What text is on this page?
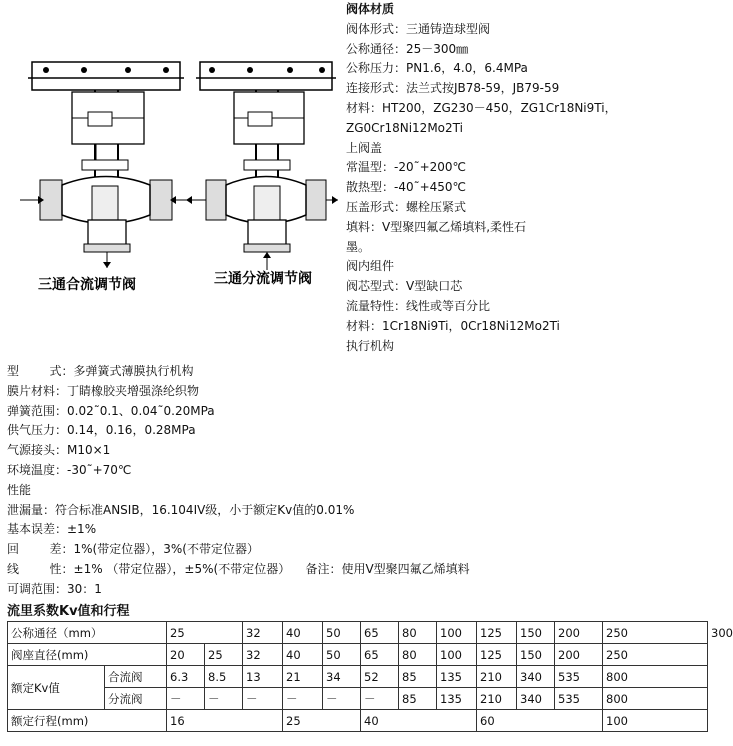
三通合流调节阀	三通分流调节阀
阀体材质
阀体形式：三通铸造球型阀
公称通径：25－300㎜
公称压力：PN1.6，4.0，6.4MPa
连接形式：法兰式按JB78-59，JB79-59
材料：HT200，ZG230－450，ZG1Cr18Ni9Ti，
ZG0Cr18Ni12Mo2Ti
上阀盖
常温型：-20˜+200℃
散热型：-40˜+450℃
压盖形式：螺栓压紧式
填料：V型聚四氟乙烯填料,柔性石墨。
阀内组件
阀芯型式：V型缺口芯
流量特性：线性或等百分比
材料：1Cr18Ni9Ti，0Cr18Ni12Mo2Ti
执行机构
型        式：多弹簧式薄膜执行机构
膜片材料：丁睛橡胶夹增强涤纶织物
弹簧范围：0.02˜0.1、0.04˜0.20MPa
供气压力：0.14，0.16，0.28MPa
气源接头：M10×1
环境温度：-30˜+70℃
性能
泄漏量：符合标准ANSIB，16.104IV级，小于额定Kv值的0.01%
基本误差：±1%
回        差：1%(带定位器），3%(不带定位器）
线        性：±1% （带定位器），±5%(不带定位器）    备注：使用V型聚四氟乙烯填料
可调范围：30：1
流里系数Kv值和行程
公称通径（mm）		25		32	40	50	65	80	100	125	150	200	250	300
阀座直径(mm)		20	25	32	40	50	65	80	100	125	150	200	250	
额定Kv值	合流阀	6.3	8.5	13	21	34	52	85	135	210	340	535	800	
	分流阀	－	－	－	－	－	－	85	135	210	340	535	800	
额定行程(mm)		16			25		40			60			100	
